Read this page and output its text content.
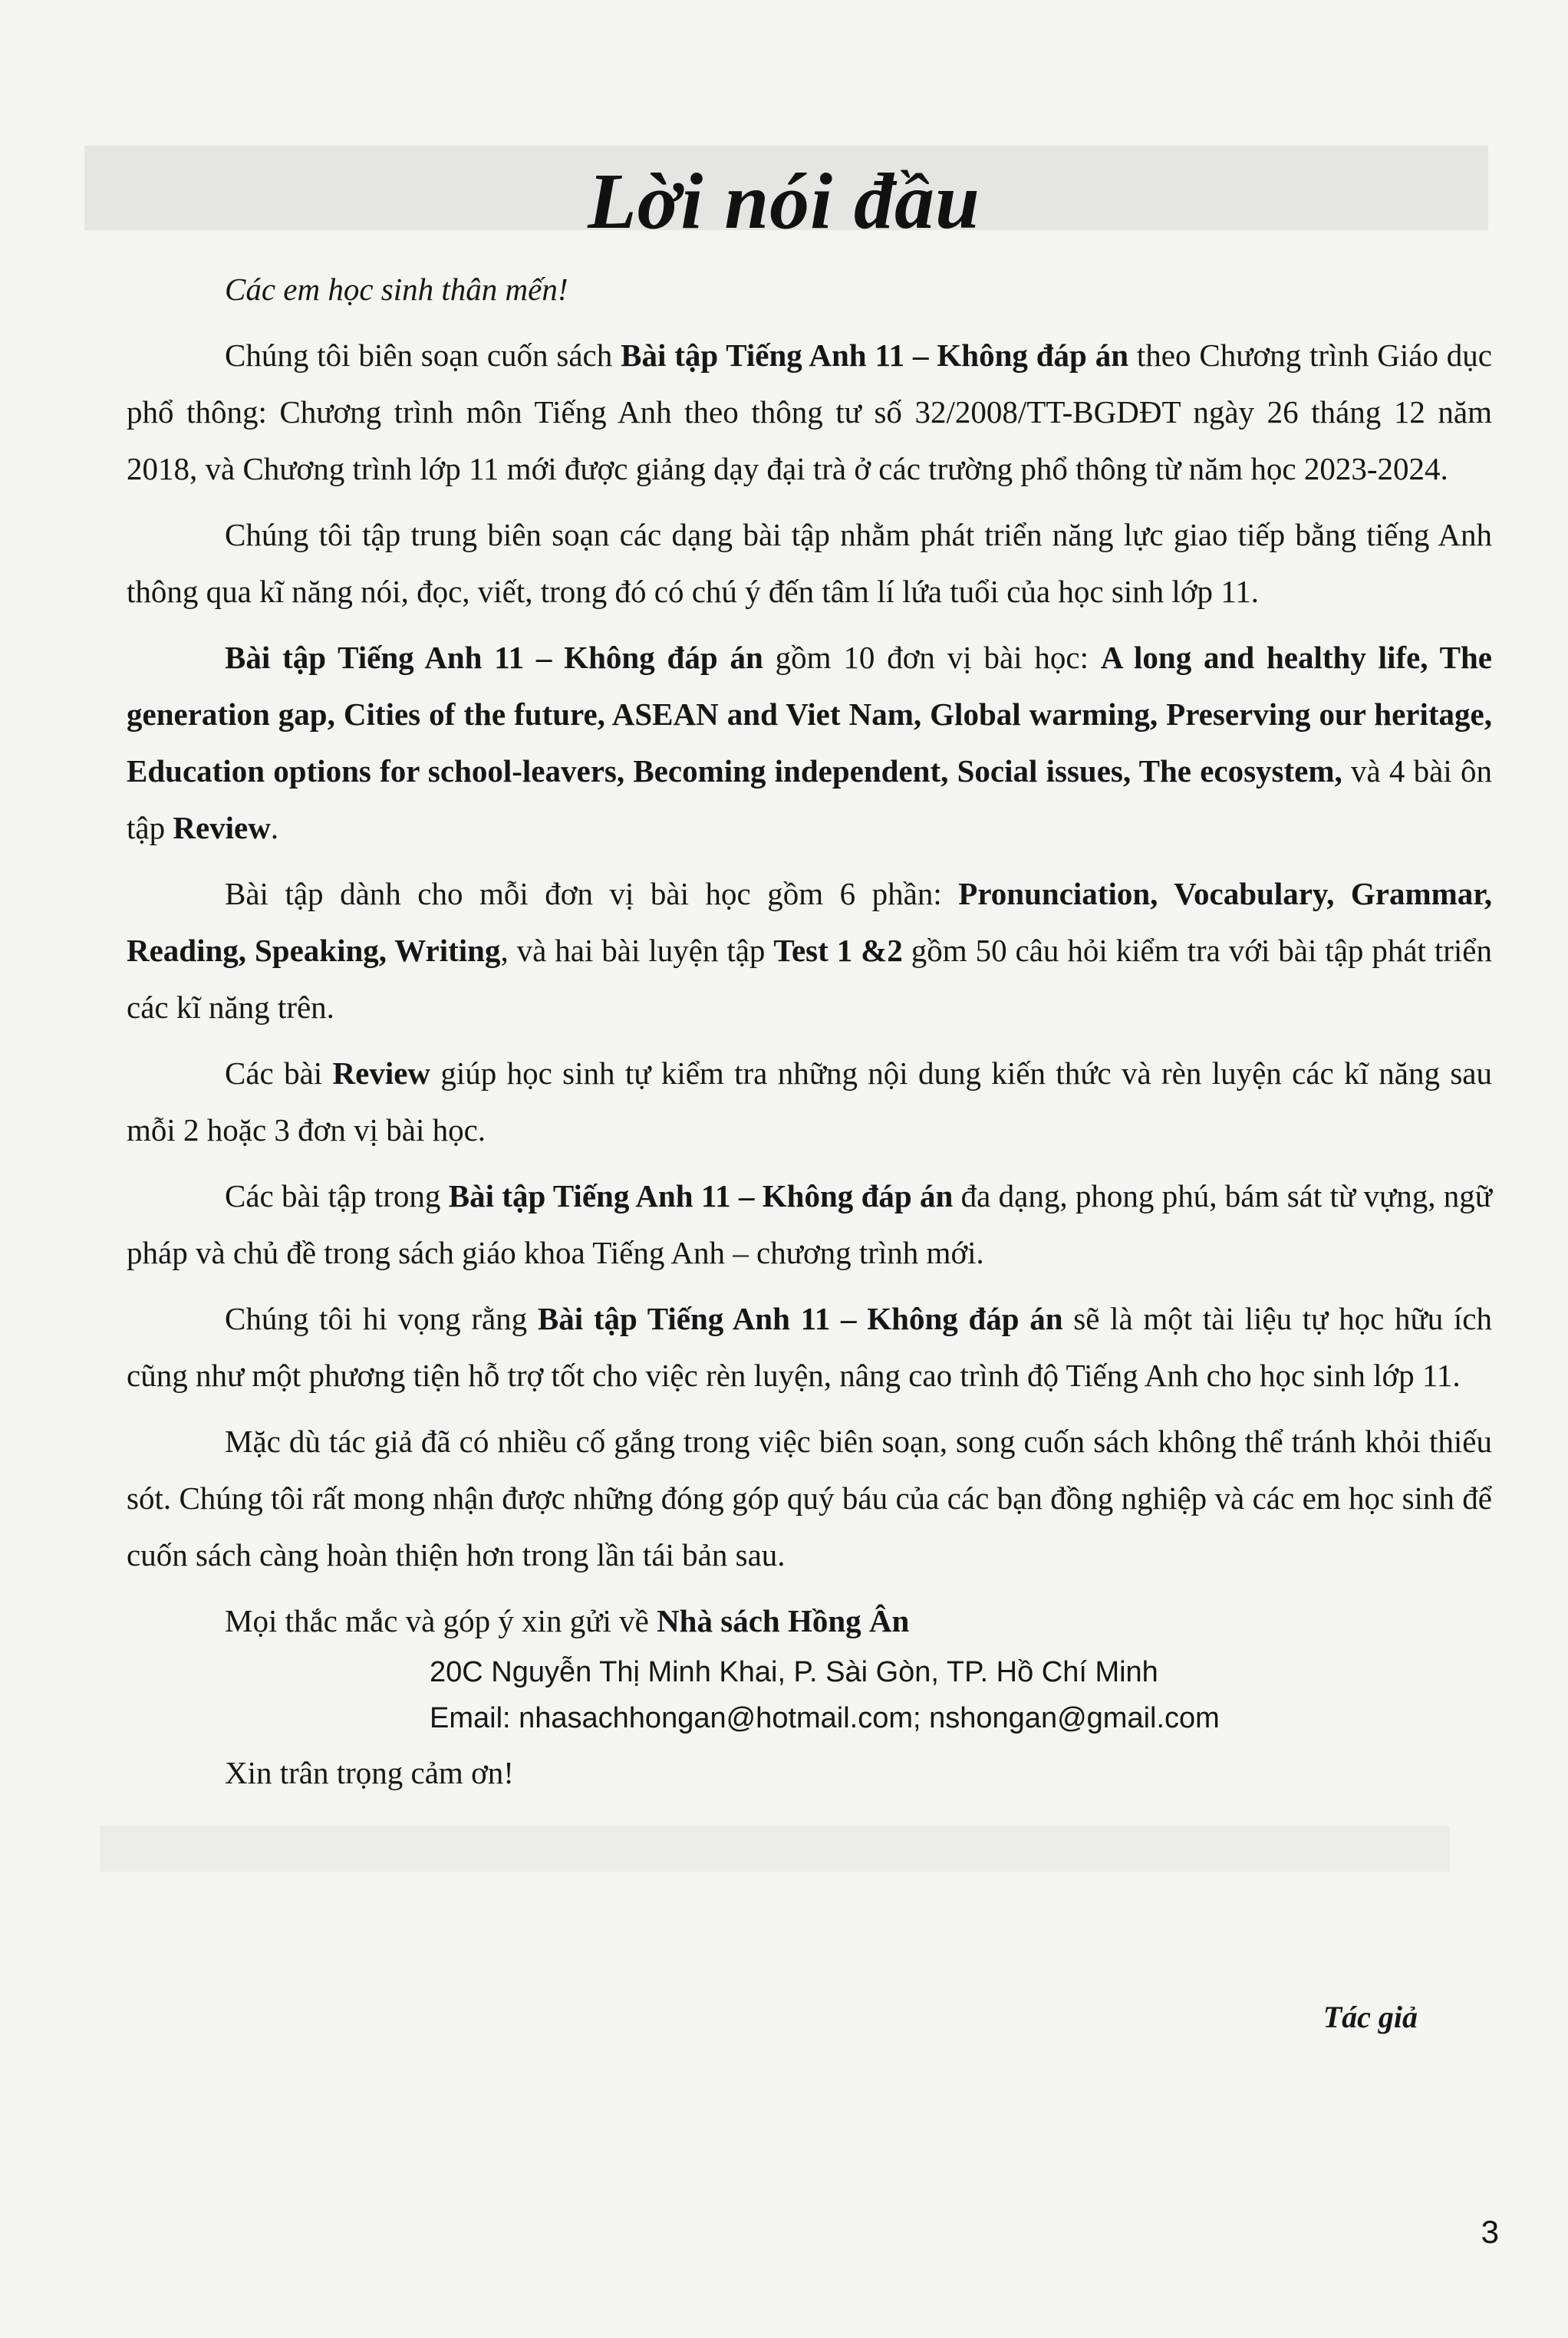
Lời nói đầu

Các em học sinh thân mến!

Chúng tôi biên soạn cuốn sách Bài tập Tiếng Anh 11 – Không đáp án theo Chương trình Giáo dục phổ thông: Chương trình môn Tiếng Anh theo thông tư số 32/2008/TT-BGDĐT ngày 26 tháng 12 năm 2018, và Chương trình lớp 11 mới được giảng dạy đại trà ở các trường phổ thông từ năm học 2023-2024.

Chúng tôi tập trung biên soạn các dạng bài tập nhằm phát triển năng lực giao tiếp bằng tiếng Anh thông qua kĩ năng nói, đọc, viết, trong đó có chú ý đến tâm lí lứa tuổi của học sinh lớp 11.

Bài tập Tiếng Anh 11 – Không đáp án gồm 10 đơn vị bài học: A long and healthy life, The generation gap, Cities of the future, ASEAN and Viet Nam, Global warming, Preserving our heritage, Education options for school-leavers, Becoming independent, Social issues, The ecosystem, và 4 bài ôn tập Review.

Bài tập dành cho mỗi đơn vị bài học gồm 6 phần: Pronunciation, Vocabulary, Grammar, Reading, Speaking, Writing, và hai bài luyện tập Test 1 &2 gồm 50 câu hỏi kiểm tra với bài tập phát triển các kĩ năng trên.

Các bài Review giúp học sinh tự kiểm tra những nội dung kiến thức và rèn luyện các kĩ năng sau mỗi 2 hoặc 3 đơn vị bài học.

Các bài tập trong Bài tập Tiếng Anh 11 – Không đáp án đa dạng, phong phú, bám sát từ vựng, ngữ pháp và chủ đề trong sách giáo khoa Tiếng Anh – chương trình mới.

Chúng tôi hi vọng rằng Bài tập Tiếng Anh 11 – Không đáp án sẽ là một tài liệu tự học hữu ích cũng như một phương tiện hỗ trợ tốt cho việc rèn luyện, nâng cao trình độ Tiếng Anh cho học sinh lớp 11.

Mặc dù tác giả đã có nhiều cố gắng trong việc biên soạn, song cuốn sách không thể tránh khỏi thiếu sót. Chúng tôi rất mong nhận được những đóng góp quý báu của các bạn đồng nghiệp và các em học sinh để cuốn sách càng hoàn thiện hơn trong lần tái bản sau.

Mọi thắc mắc và góp ý xin gửi về Nhà sách Hồng Ân

20C Nguyễn Thị Minh Khai, P. Sài Gòn, TP. Hồ Chí Minh

Email: nhasachhongan@hotmail.com; nshongan@gmail.com

Xin trân trọng cảm ơn!

Tác giả
3
